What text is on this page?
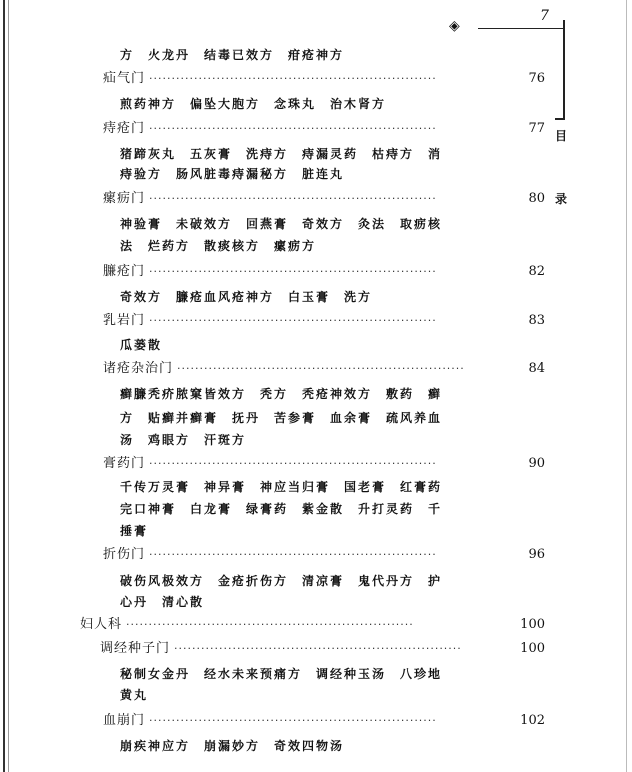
◈
7
目
录
方　火龙丹　结毒已效方　疳疮神方
疝气门 ································································	76
煎药神方　偏坠大胞方　念珠丸　治木肾方
痔疮门 ································································	77
猪蹄灰丸　五灰膏　洗痔方　痔漏灵药　枯痔方　消
痔验方　肠风脏毒痔漏秘方　脏连丸
瘰疬门 ································································	80
神验膏　未破效方　回燕膏　奇效方　灸法　取疬核
法　烂药方　散痰核方　瘰疬方
臁疮门 ································································	82
奇效方　臁疮血风疮神方　白玉膏　洗方
乳岩门 ································································	83
瓜蒌散
诸疮杂治门 ································································	84
癣臁秃疥脓窠皆效方　秃方　秃疮神效方　敷药　癣
方　贴癣并癣膏　抚丹　苦参膏　血余膏　疏风养血
汤　鸡眼方　汗斑方
膏药门 ································································	90
千传万灵膏　神异膏　神应当归膏　国老膏　红膏药
完口神膏　白龙膏　绿膏药　紫金散　升打灵药　千
捶膏
折伤门 ································································	96
破伤风极效方　金疮折伤方　清凉膏　鬼代丹方　护
心丹　清心散
妇人科 ································································	100
调经种子门 ································································	100
秘制女金丹　经水未来预痛方　调经种玉汤　八珍地
黄丸
血崩门 ································································	102
崩疾神应方　崩漏妙方　奇效四物汤
